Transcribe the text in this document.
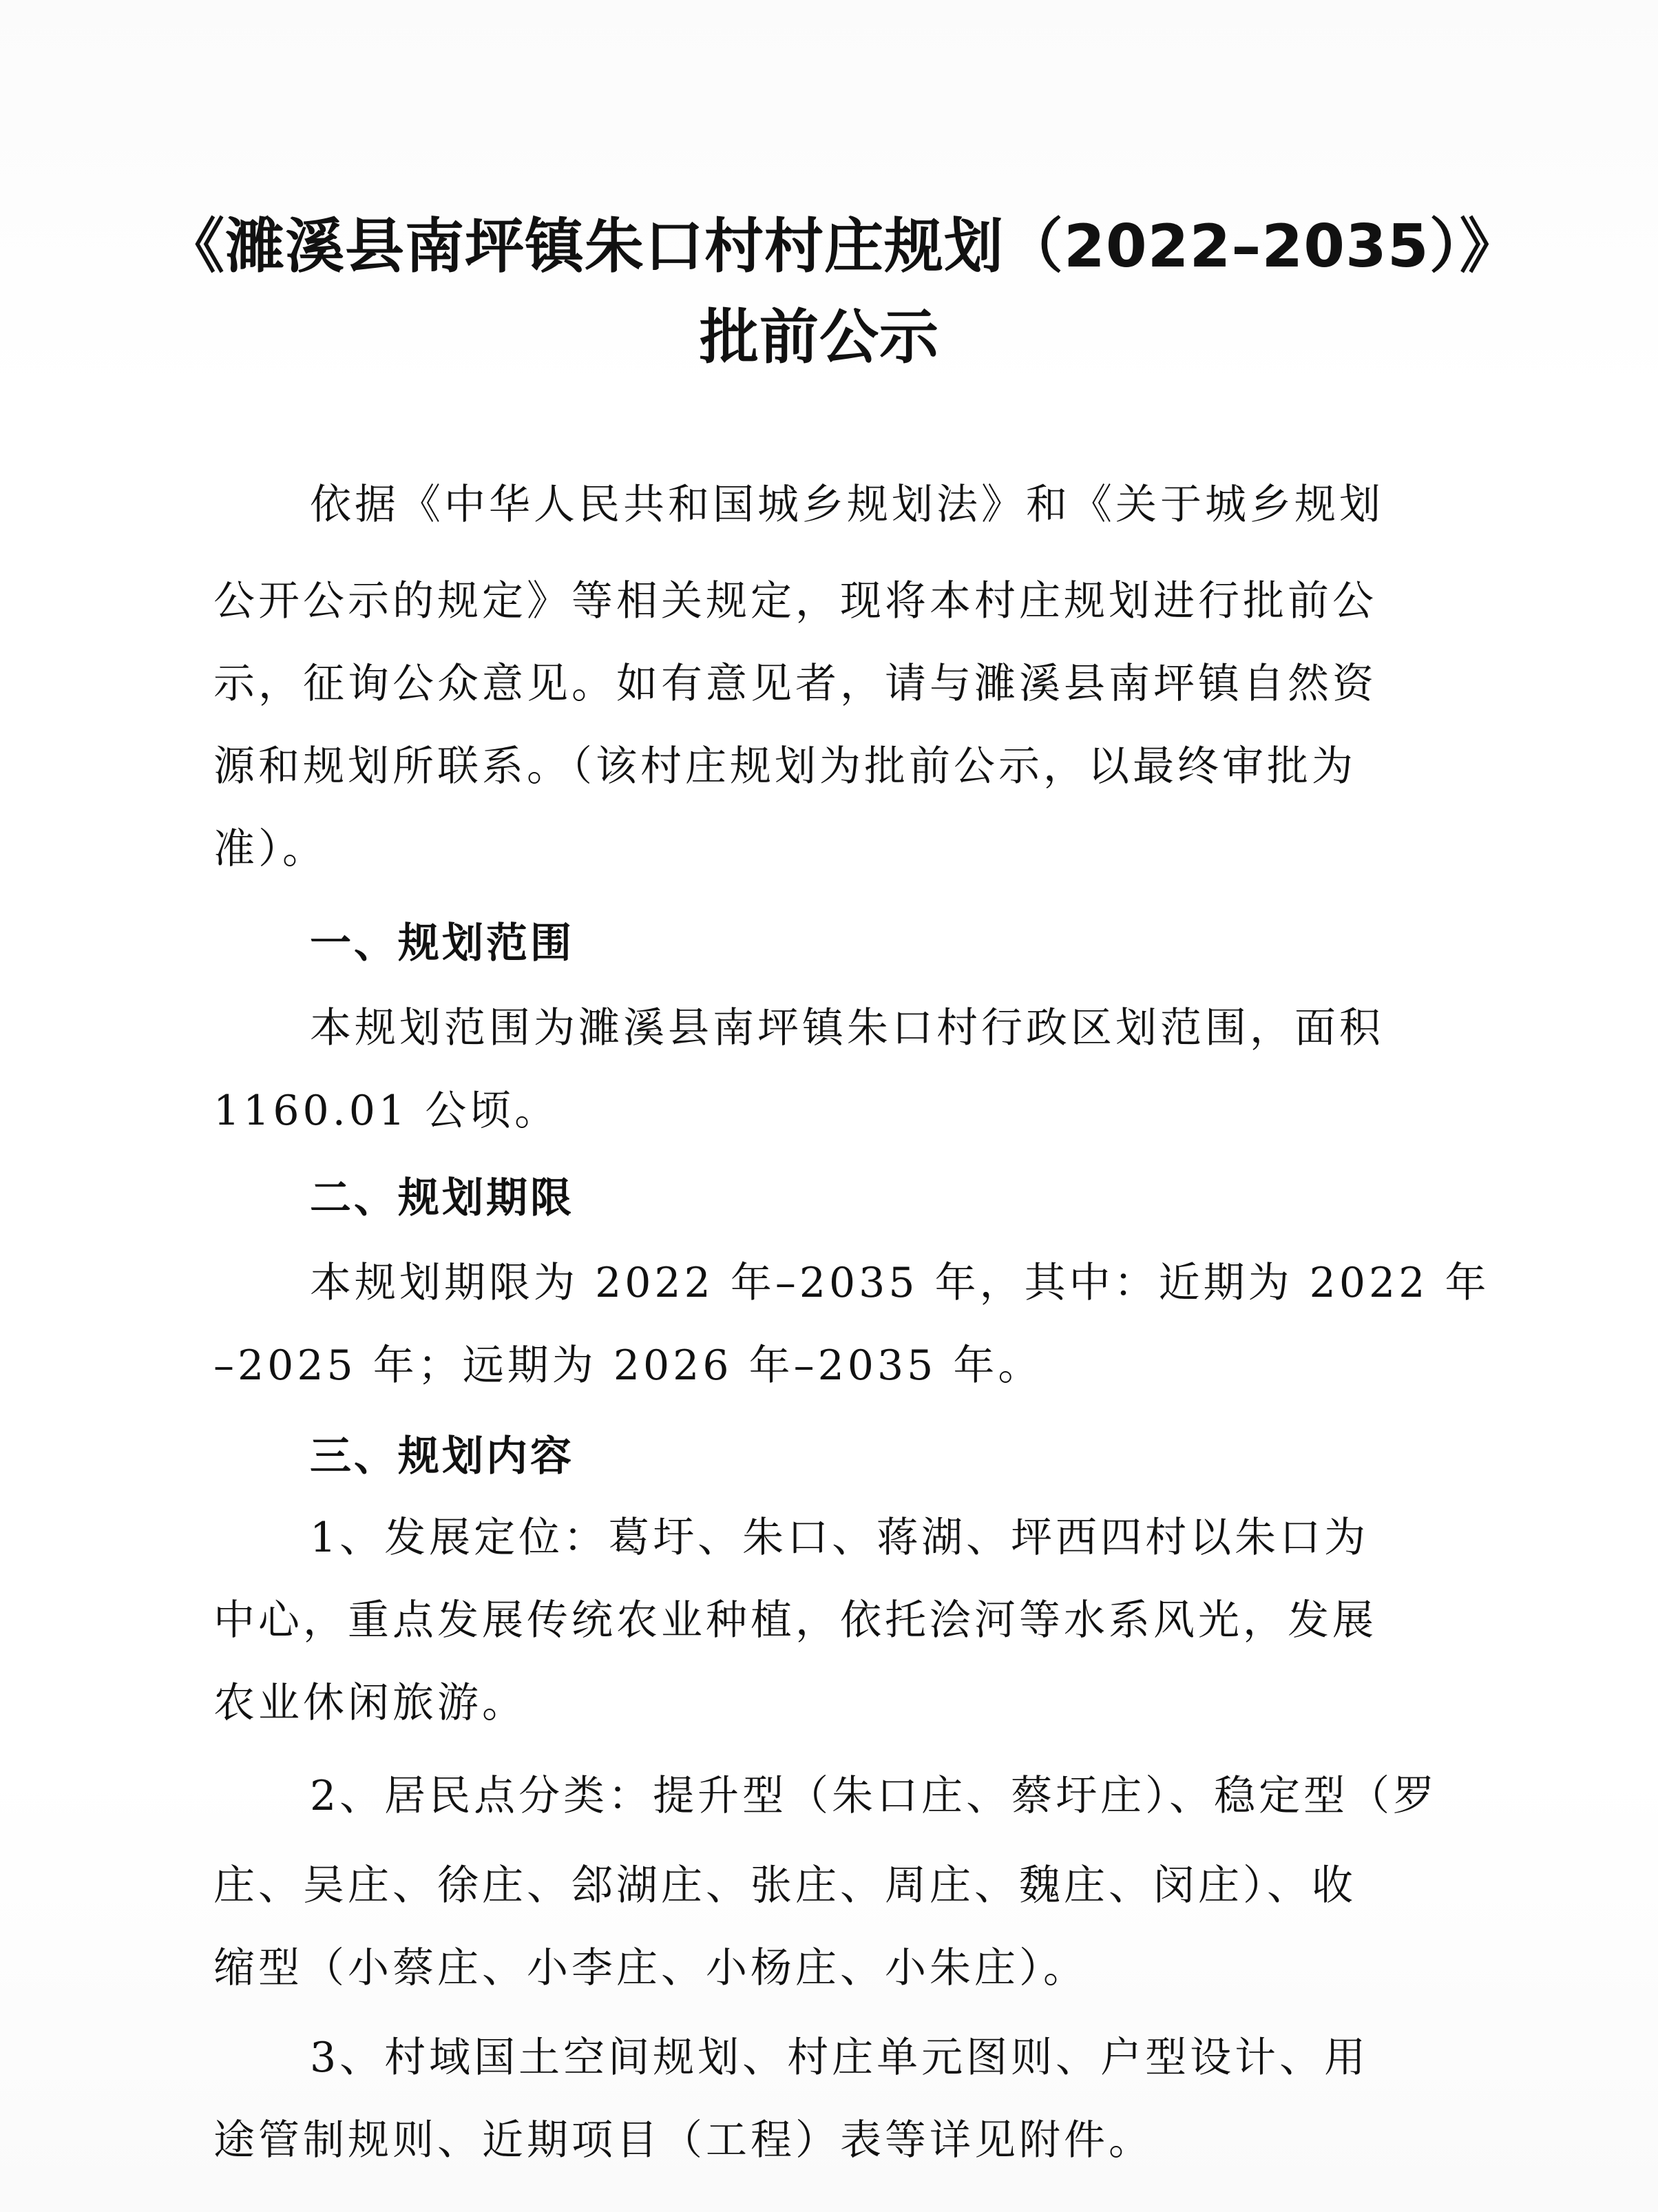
《濉溪县南坪镇朱口村村庄规划（2022–2035）》
批前公示
依据《中华人民共和国城乡规划法》和《关于城乡规划
公开公示的规定》等相关规定，现将本村庄规划进行批前公
示，征询公众意见。如有意见者，请与濉溪县南坪镇自然资
源和规划所联系。（该村庄规划为批前公示，以最终审批为
准）。
一、规划范围
本规划范围为濉溪县南坪镇朱口村行政区划范围，面积
1160.01 公顷。
二、规划期限
本规划期限为 2022 年–2035 年，其中：近期为 2022 年
–2025 年；远期为 2026 年–2035 年。
三、规划内容
1、发展定位：葛圩、朱口、蒋湖、坪西四村以朱口为
中心，重点发展传统农业种植，依托浍河等水系风光，发展
农业休闲旅游。
2、居民点分类：提升型（朱口庄、蔡圩庄）、稳定型（罗
庄、吴庄、徐庄、郐湖庄、张庄、周庄、魏庄、闵庄）、收
缩型（小蔡庄、小李庄、小杨庄、小朱庄）。
3、村域国土空间规划、村庄单元图则、户型设计、用
途管制规则、近期项目（工程）表等详见附件。
